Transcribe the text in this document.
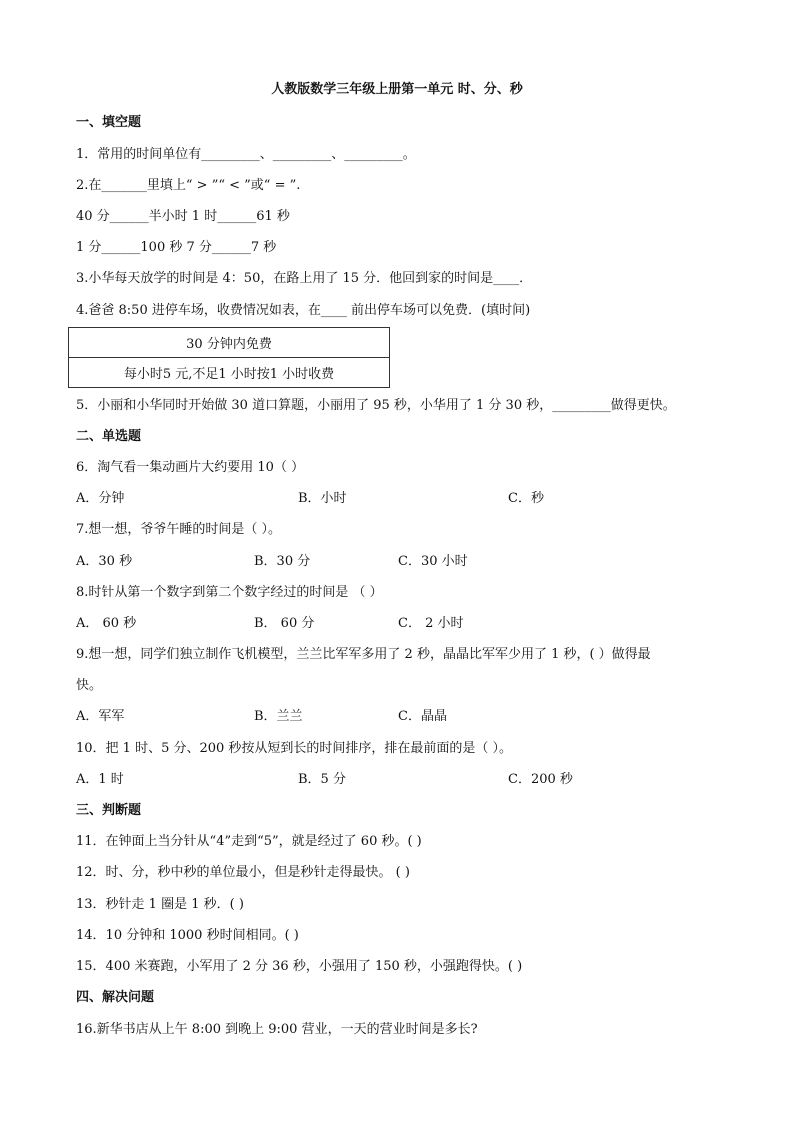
人教版数学三年级上册第一单元 时、分、秒
一、填空题
1．常用的时间单位有_________、_________、_________。
2.在_______里填上“ > ”“ < ”或“ = ”.
40 分______半小时 1 时______61 秒
1 分______100 秒 7 分______7 秒
3.小华每天放学的时间是 4：50，在路上用了 15 分．他回到家的时间是____．
4.爸爸 8:50 进停车场，收费情况如表，在____ 前出停车场可以免费．(填时间)
30 分钟内免费
每小时5 元,不足1 小时按1 小时收费
5．小丽和小华同时开始做 30 道口算题，小丽用了 95 秒，小华用了 1 分 30 秒，_________做得更快。
二、单选题
6．淘气看一集动画片大约要用 10（ ）
A．分钟	B．小时	C．秒
7.想一想，爷爷午睡的时间是（ ）。
A．30 秒	B．30 分	C．30 小时
8.时针从第一个数字到第二个数字经过的时间是 （ ）
A． 60 秒	B． 60 分	C． 2 小时
9.想一想，同学们独立制作飞机模型，兰兰比军军多用了 2 秒，晶晶比军军少用了 1 秒，( ）做得最
快。
A．军军	B．兰兰	C．晶晶
10．把 1 时、5 分、200 秒按从短到长的时间排序，排在最前面的是（ ）。
A．1 时	B．5 分	C．200 秒
三、判断题
11．在钟面上当分针从“4”走到“5”，就是经过了 60 秒。( )
12．时、分，秒中秒的单位最小，但是秒针走得最快。 ( )
13．秒针走 1 圈是 1 秒．( )
14．10 分钟和 1000 秒时间相同。( )
15．400 米赛跑，小军用了 2 分 36 秒，小强用了 150 秒，小强跑得快。( )
四、解决问题
16.新华书店从上午 8:00 到晚上 9:00 营业，一天的营业时间是多长?
